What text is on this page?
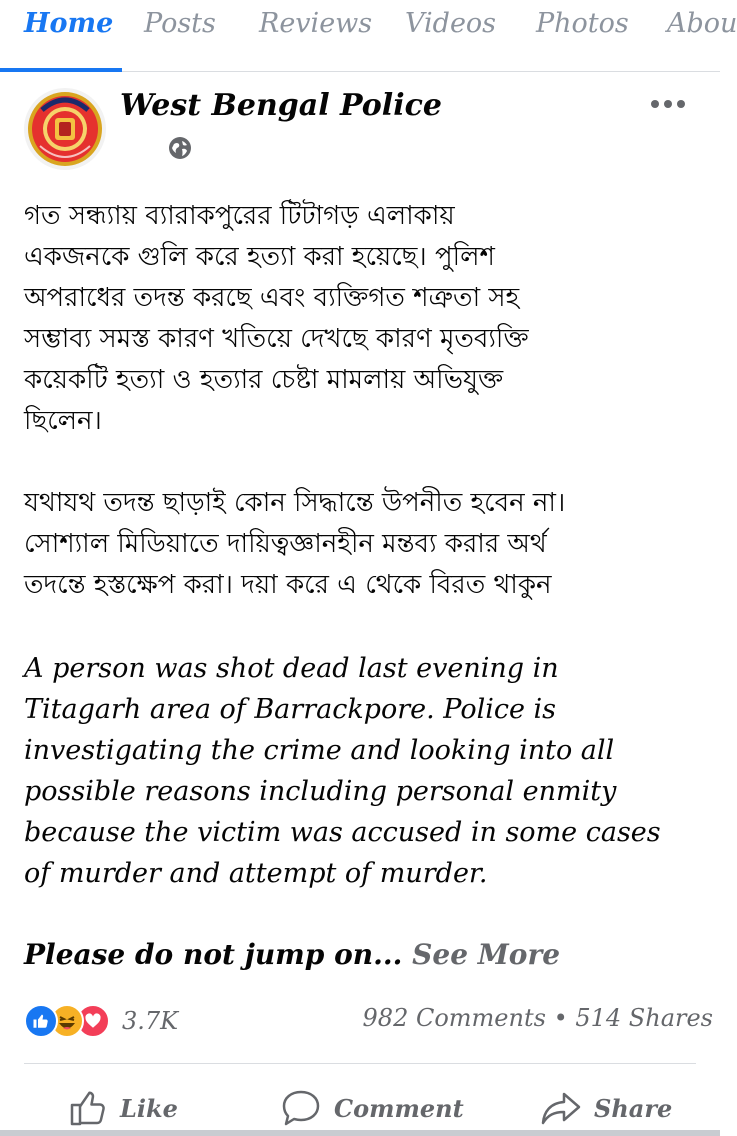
Home Posts Reviews Videos Photos Abou
West Bengal Police
গত সন্ধ্যায় ব্যারাকপুরের টিটাগড় এলাকায়
একজনকে গুলি করে হত্যা করা হয়েছে। পুলিশ
অপরাধের তদন্ত করছে এবং ব্যক্তিগত শত্রুতা সহ
সম্ভাব্য সমস্ত কারণ খতিয়ে দেখছে কারণ মৃতব্যক্তি
কয়েকটি হত্যা ও হত্যার চেষ্টা মামলায় অভিযুক্ত
ছিলেন।
যথাযথ তদন্ত ছাড়াই কোন সিদ্ধান্তে উপনীত হবেন না।
সোশ্যাল মিডিয়াতে দায়িত্বজ্ঞানহীন মন্তব্য করার অর্থ
তদন্তে হস্তক্ষেপ করা। দয়া করে এ থেকে বিরত থাকুন
A person was shot dead last evening in
Titagarh area of Barrackpore. Police is
investigating the crime and looking into all
possible reasons including personal enmity
because the victim was accused in some cases
of murder and attempt of murder.
Please do not jump on... See More
3.7K	982 Comments • 514 Shares
Like	Comment	Share
